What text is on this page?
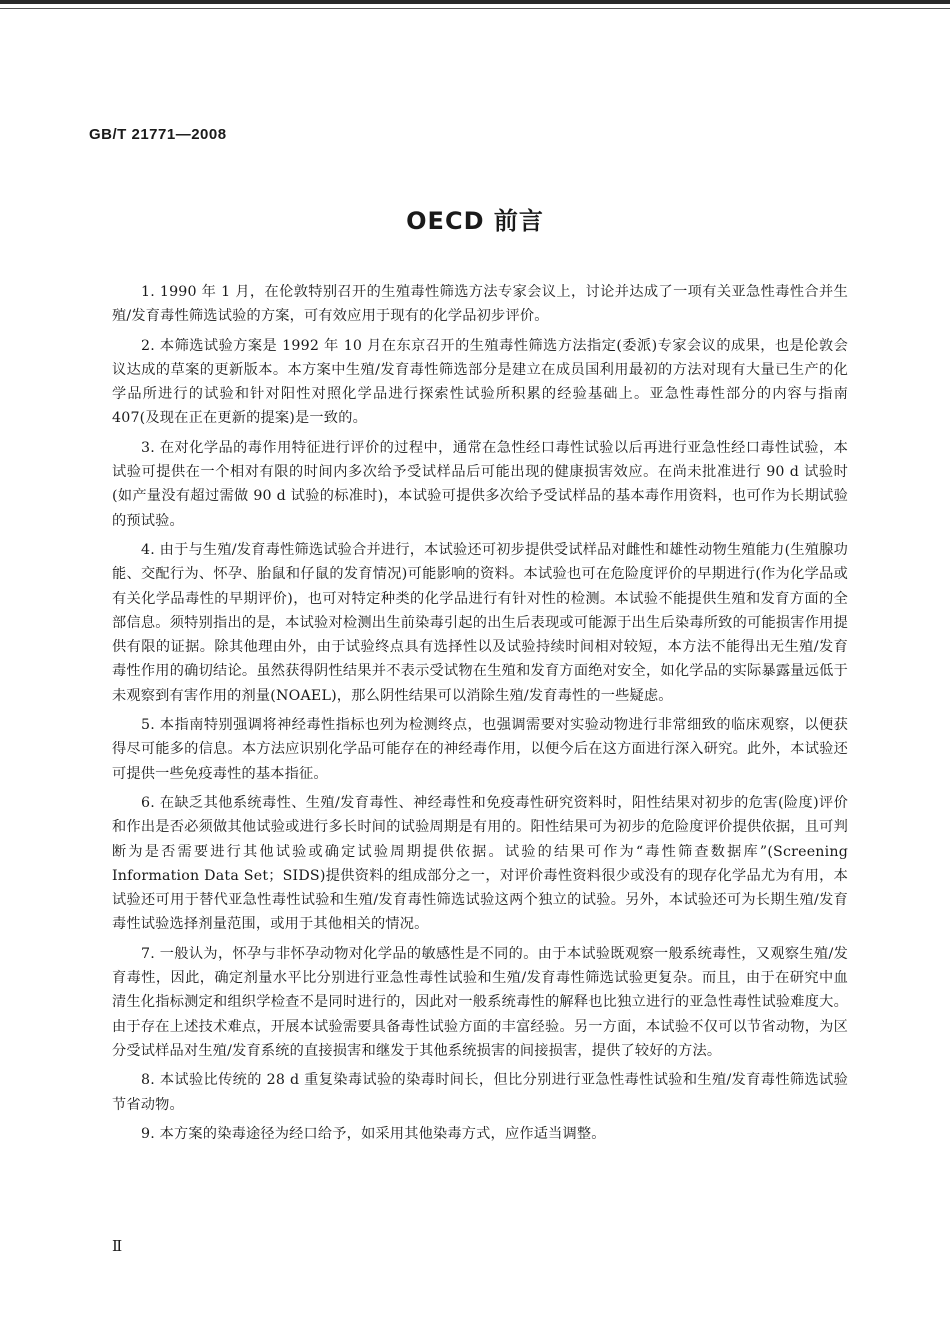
GB/T 21771—2008
OECD 前言

1. 1990 年 1 月，在伦敦特别召开的生殖毒性筛选方法专家会议上，讨论并达成了一项有关亚急性毒性合并生殖/发育毒性筛选试验的方案，可有效应用于现有的化学品初步评价。

2. 本筛选试验方案是 1992 年 10 月在东京召开的生殖毒性筛选方法指定(委派)专家会议的成果，也是伦敦会议达成的草案的更新版本。本方案中生殖/发育毒性筛选部分是建立在成员国利用最初的方法对现有大量已生产的化学品所进行的试验和针对阳性对照化学品进行探索性试验所积累的经验基础上。亚急性毒性部分的内容与指南 407(及现在正在更新的提案)是一致的。

3. 在对化学品的毒作用特征进行评价的过程中，通常在急性经口毒性试验以后再进行亚急性经口毒性试验，本试验可提供在一个相对有限的时间内多次给予受试样品后可能出现的健康损害效应。在尚未批准进行 90 d 试验时(如产量没有超过需做 90 d 试验的标准时)，本试验可提供多次给予受试样品的基本毒作用资料，也可作为长期试验的预试验。

4. 由于与生殖/发育毒性筛选试验合并进行，本试验还可初步提供受试样品对雌性和雄性动物生殖能力(生殖腺功能、交配行为、怀孕、胎鼠和仔鼠的发育情况)可能影响的资料。本试验也可在危险度评价的早期进行(作为化学品或有关化学品毒性的早期评价)，也可对特定种类的化学品进行有针对性的检测。本试验不能提供生殖和发育方面的全部信息。须特别指出的是，本试验对检测出生前染毒引起的出生后表现或可能源于出生后染毒所致的可能损害作用提供有限的证据。除其他理由外，由于试验终点具有选择性以及试验持续时间相对较短，本方法不能得出无生殖/发育毒性作用的确切结论。虽然获得阴性结果并不表示受试物在生殖和发育方面绝对安全，如化学品的实际暴露量远低于未观察到有害作用的剂量(NOAEL)，那么阴性结果可以消除生殖/发育毒性的一些疑虑。

5. 本指南特别强调将神经毒性指标也列为检测终点，也强调需要对实验动物进行非常细致的临床观察，以便获得尽可能多的信息。本方法应识别化学品可能存在的神经毒作用，以便今后在这方面进行深入研究。此外，本试验还可提供一些免疫毒性的基本指征。

6. 在缺乏其他系统毒性、生殖/发育毒性、神经毒性和免疫毒性研究资料时，阳性结果对初步的危害(险度)评价和作出是否必须做其他试验或进行多长时间的试验周期是有用的。阳性结果可为初步的危险度评价提供依据，且可判断为是否需要进行其他试验或确定试验周期提供依据。试验的结果可作为“毒性筛查数据库”(Screening Information Data Set；SIDS)提供资料的组成部分之一，对评价毒性资料很少或没有的现存化学品尤为有用，本试验还可用于替代亚急性毒性试验和生殖/发育毒性筛选试验这两个独立的试验。另外，本试验还可为长期生殖/发育毒性试验选择剂量范围，或用于其他相关的情况。

7. 一般认为，怀孕与非怀孕动物对化学品的敏感性是不同的。由于本试验既观察一般系统毒性，又观察生殖/发育毒性，因此，确定剂量水平比分别进行亚急性毒性试验和生殖/发育毒性筛选试验更复杂。而且，由于在研究中血清生化指标测定和组织学检查不是同时进行的，因此对一般系统毒性的解释也比独立进行的亚急性毒性试验难度大。由于存在上述技术难点，开展本试验需要具备毒性试验方面的丰富经验。另一方面，本试验不仅可以节省动物，为区分受试样品对生殖/发育系统的直接损害和继发于其他系统损害的间接损害，提供了较好的方法。

8. 本试验比传统的 28 d 重复染毒试验的染毒时间长，但比分别进行亚急性毒性试验和生殖/发育毒性筛选试验节省动物。

9. 本方案的染毒途径为经口给予，如采用其他染毒方式，应作适当调整。

Ⅱ
